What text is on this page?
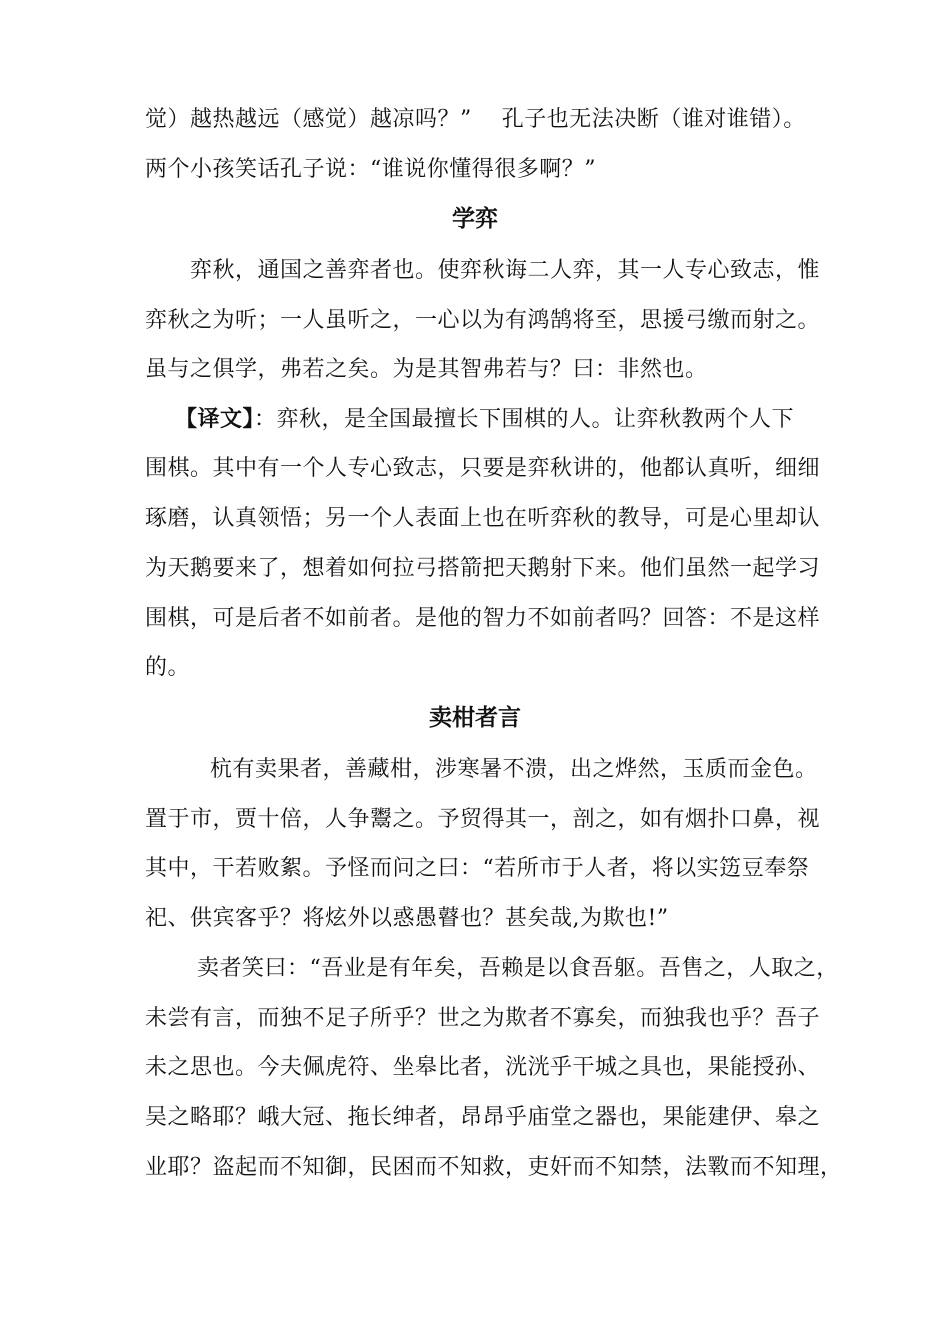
觉）越热越远（感觉）越凉吗？”　 孔子也无法决断（谁对谁错）。
两个小孩笑话孔子说：“谁说你懂得很多啊？”
学弈
弈秋，通国之善弈者也。使弈秋诲二人弈，其一人专心致志，惟
弈秋之为听；一人虽听之，一心以为有鸿鹄将至，思援弓缴而射之。
虽与之俱学，弗若之矣。为是其智弗若与？曰：非然也。
【译文】：弈秋，是全国最擅长下围棋的人。让弈秋教两个人下
围棋。其中有一个人专心致志，只要是弈秋讲的，他都认真听，细细
琢磨，认真领悟；另一个人表面上也在听弈秋的教导，可是心里却认
为天鹅要来了，想着如何拉弓搭箭把天鹅射下来。他们虽然一起学习
围棋，可是后者不如前者。是他的智力不如前者吗？回答：不是这样
的。
卖柑者言
杭有卖果者，善藏柑，涉寒暑不溃，出之烨然，玉质而金色。
置于市，贾十倍，人争鬻之。予贸得其一，剖之，如有烟扑口鼻，视
其中，干若败絮。予怪而问之曰：“若所市于人者，将以实笾豆奉祭
祀、供宾客乎？将炫外以惑愚瞽也？甚矣哉,为欺也!”
卖者笑曰：“吾业是有年矣，吾赖是以食吾躯。吾售之，人取之，
未尝有言，而独不足子所乎？世之为欺者不寡矣，而独我也乎？吾子
未之思也。今夫佩虎符、坐皋比者，洸洸乎干城之具也，果能授孙、
吴之略耶？峨大冠、拖长绅者，昂昂乎庙堂之器也，果能建伊、皋之
业耶？盗起而不知御，民困而不知救，吏奸而不知禁，法斁而不知理，
